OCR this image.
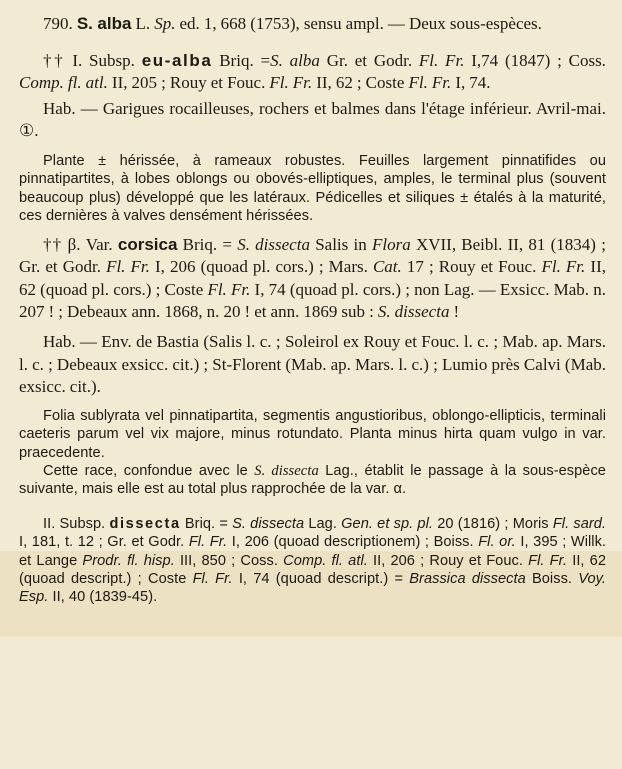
790. S. alba L. Sp. ed. 1, 668 (1753), sensu ampl. — Deux sous-espèces.

†† I. Subsp. eu-alba Briq. =S. alba Gr. et Godr. Fl. Fr. I,74 (1847) ; Coss. Comp. fl. atl. II, 205 ; Rouy et Fouc. Fl. Fr. II, 62 ; Coste Fl. Fr. I, 74.

Hab. — Garigues rocailleuses, rochers et balmes dans l'étage inférieur. Avril-mai. ①.

Plante ± hérissée, à rameaux robustes. Feuilles largement pinnatifides ou pinnatipartites, à lobes oblongs ou obovés-elliptiques, amples, le terminal plus (souvent beaucoup plus) développé que les latéraux. Pédicelles et siliques ± étalés à la maturité, ces dernières à valves densément hérissées.

†† β. Var. corsica Briq. = S. dissecta Salis in Flora XVII, Beibl. II, 81 (1834) ; Gr. et Godr. Fl. Fr. I, 206 (quoad pl. cors.) ; Mars. Cat. 17 ; Rouy et Fouc. Fl. Fr. II, 62 (quoad pl. cors.) ; Coste Fl. Fr. I, 74 (quoad pl. cors.) ; non Lag. — Exsicc. Mab. n. 207 ! ; Debeaux ann. 1868, n. 20 ! et ann. 1869 sub : S. dissecta !

Hab. — Env. de Bastia (Salis l. c. ; Soleirol ex Rouy et Fouc. l. c. ; Mab. ap. Mars. l. c. ; Debeaux exsicc. cit.) ; St-Florent (Mab. ap. Mars. l. c.) ; Lumio près Calvi (Mab. exsicc. cit.).

Folia sublyrata vel pinnatipartita, segmentis angustioribus, oblongo-ellipticis, terminali caeteris parum vel vix majore, minus rotundato. Planta minus hirta quam vulgo in var. praecedente.

Cette race, confondue avec le S. dissecta Lag., établit le passage à la sous-espèce suivante, mais elle est au total plus rapprochée de la var. α.

II. Subsp. dissecta Briq. = S. dissecta Lag. Gen. et sp. pl. 20 (1816) ; Moris Fl. sard. I, 181, t. 12 ; Gr. et Godr. Fl. Fr. I, 206 (quoad descriptionem) ; Boiss. Fl. or. I, 395 ; Willk. et Lange Prodr. fl. hisp. III, 850 ; Coss. Comp. fl. atl. II, 206 ; Rouy et Fouc. Fl. Fr. II, 62 (quoad descript.) ; Coste Fl. Fr. I, 74 (quoad descript.) = Brassica dissecta Boiss. Voy. Esp. II, 40 (1839-45).
